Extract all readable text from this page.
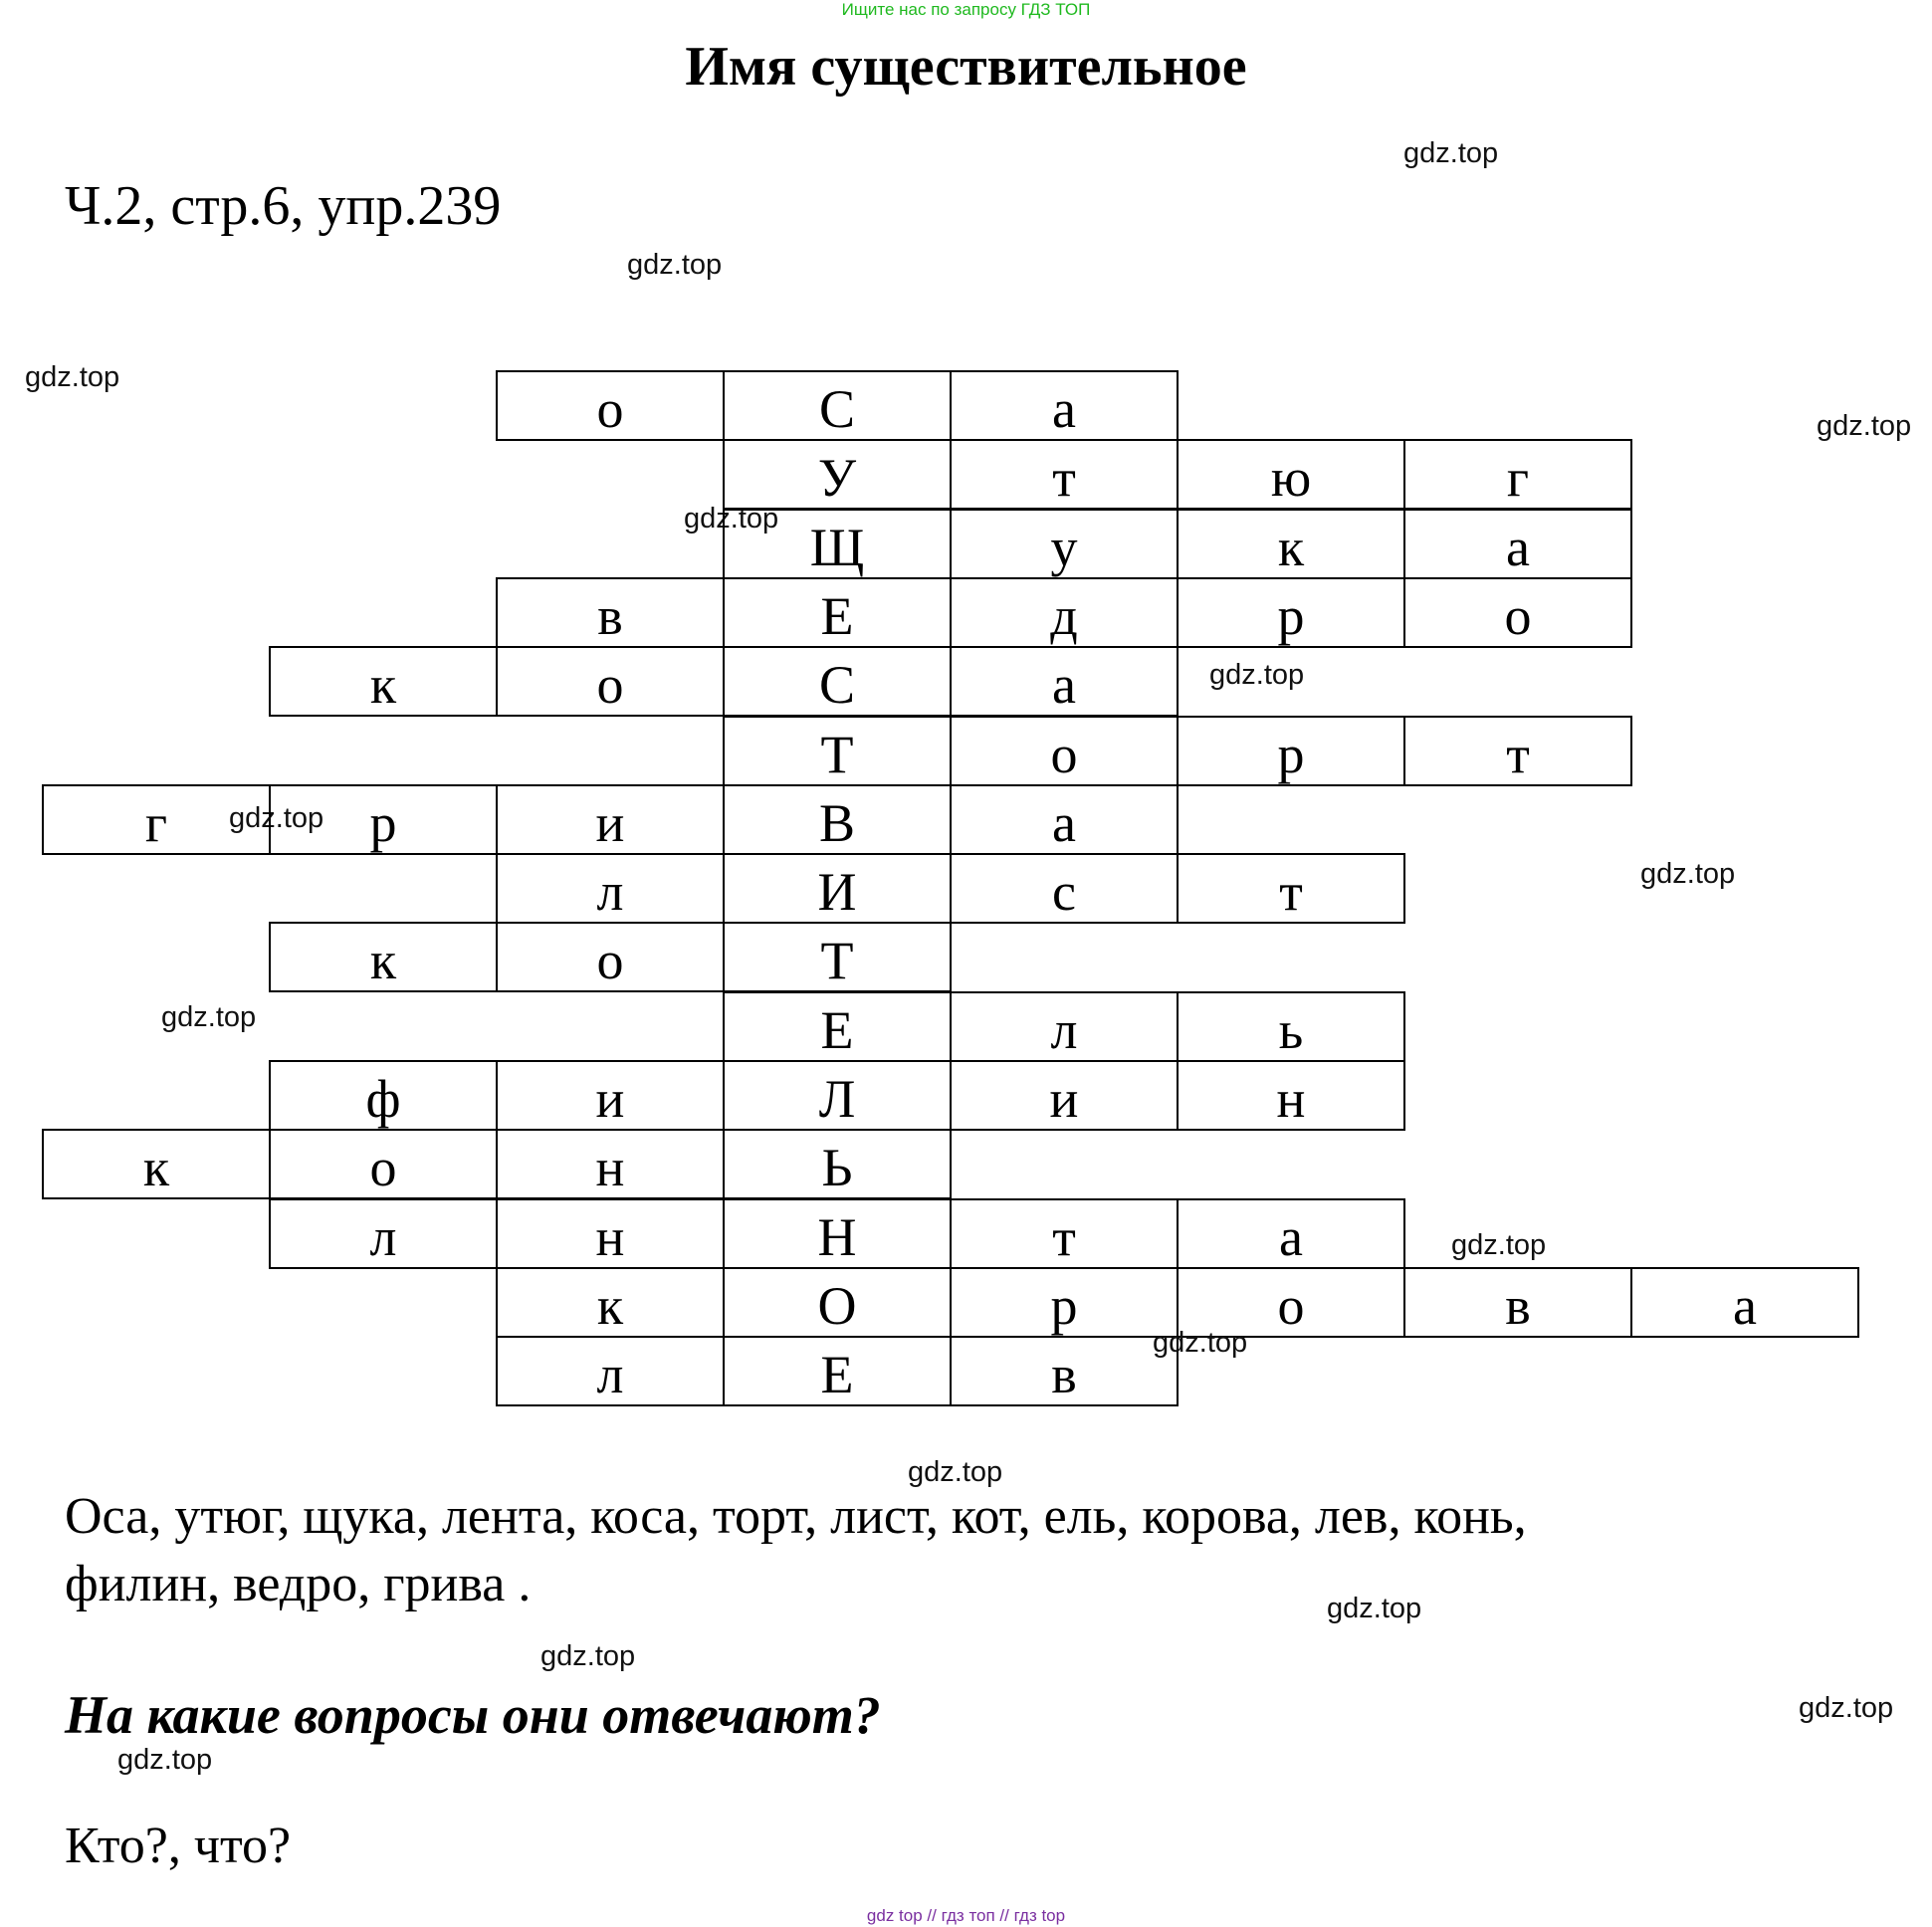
Ищите нас по запросу ГДЗ ТОП
Имя существительное
Ч.2, стр.6, упр.239
gdz.top
gdz.top
gdz.top
gdz.top
gdz.top
gdz.top
gdz.top
gdz.top
gdz.top
gdz.top
о	С	а
У	т	ю	г
Щ	у	к	а
в	Е	д	р	о
к	о	С	а
Т	о	р	т
г	р	и	В	а
л	И	с	т
к	о	Т
Е	л	ь
ф	и	Л	и	н
к	о	н	Ь
л	н	Н	т	а
к	О	р	о	в	а
л	Е	в
gdz.top
gdz.top
Оса, утюг, щука, лента, коса, торт, лист, кот, ель, корова, лев, конь,
филин, ведро, грива .	gdz.top
gdz.top
gdz.top
На какие вопросы они отвечают?
gdz.top
Кто?, что?
gdz top // гдз топ // гдз top
